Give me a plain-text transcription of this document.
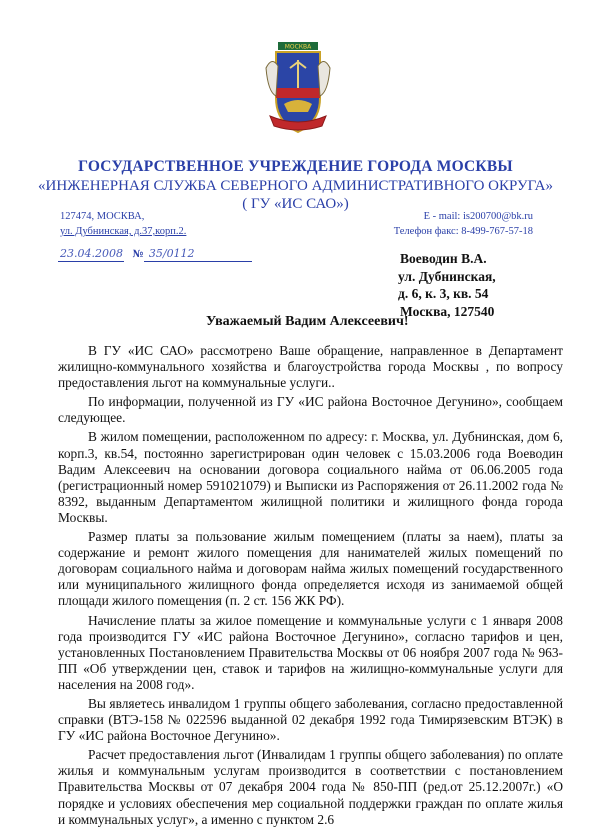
МОСКВА
ГОСУДАРСТВЕННОЕ УЧРЕЖДЕНИЕ ГОРОДА МОСКВЫ
«ИНЖЕНЕРНАЯ СЛУЖБА СЕВЕРНОГО АДМИНИСТРАТИВНОГО ОКРУГА»
( ГУ «ИС САО»)
127474, МОСКВА,
ул. Дубнинская, д.37,корп.2.
E - mail: is200700@bk.ru
Телефон факс: 8-499-767-57-18
23.04.2008 № 35/0112	Воеводин В.А.
ул. Дубнинская,
д. 6, к. 3, кв. 54
Москва, 127540
Уважаемый Вадим Алексеевич!

В ГУ «ИС САО» рассмотрено Ваше обращение, направленное в Департамент жилищно-коммунального хозяйства и благоустройства города Москвы , по вопросу предоставления льгот на коммунальные услуги..

По информации, полученной из ГУ «ИС района Восточное Дегунино», сообщаем следующее.

В жилом помещении, расположенном по адресу: г. Москва, ул. Дубнинская, дом 6, корп.3, кв.54, постоянно зарегистрирован один человек с 15.03.2006 года Воеводин Вадим Алексеевич на основании договора социального найма от 06.06.2005 года (регистрационный номер 591021079) и Выписки из Распоряжения от 26.11.2002 года № 8392, выданным Департаментом жилищной политики и жилищного фонда города Москвы.

Размер платы за пользование жилым помещением (платы за наем), платы за содержание и ремонт жилого помещения для нанимателей жилых помещений по договорам социального найма и договорам найма жилых помещений государственного или муниципального жилищного фонда определяется исходя из занимаемой общей площади жилого помещения (п. 2 ст. 156 ЖК РФ).

Начисление платы за жилое помещение и коммунальные услуги с 1 января 2008 года производится ГУ «ИС района Восточное Дегунино», согласно тарифов и цен, установленных Постановлением Правительства Москвы от 06 ноября 2007 года № 963-ПП «Об утверждении цен, ставок и тарифов на жилищно-коммунальные услуги для населения на 2008 год».

Вы являетесь инвалидом 1 группы общего заболевания, согласно предоставленной справки (ВТЭ-158 № 022596 выданной 02 декабря 1992 года Тимирязевским ВТЭК) в ГУ «ИС района Восточное Дегунино».

Расчет предоставления льгот (Инвалидам 1 группы общего заболевания) по оплате жилья и коммунальным услугам производится в соответствии с постановлением Правительства Москвы от 07 декабря 2004 года № 850-ПП (ред.от 25.12.2007г.) «О порядке и условиях обеспечения мер социальной поддержки граждан по оплате жилья и коммунальных услуг», а именно с пунктом 2.6
